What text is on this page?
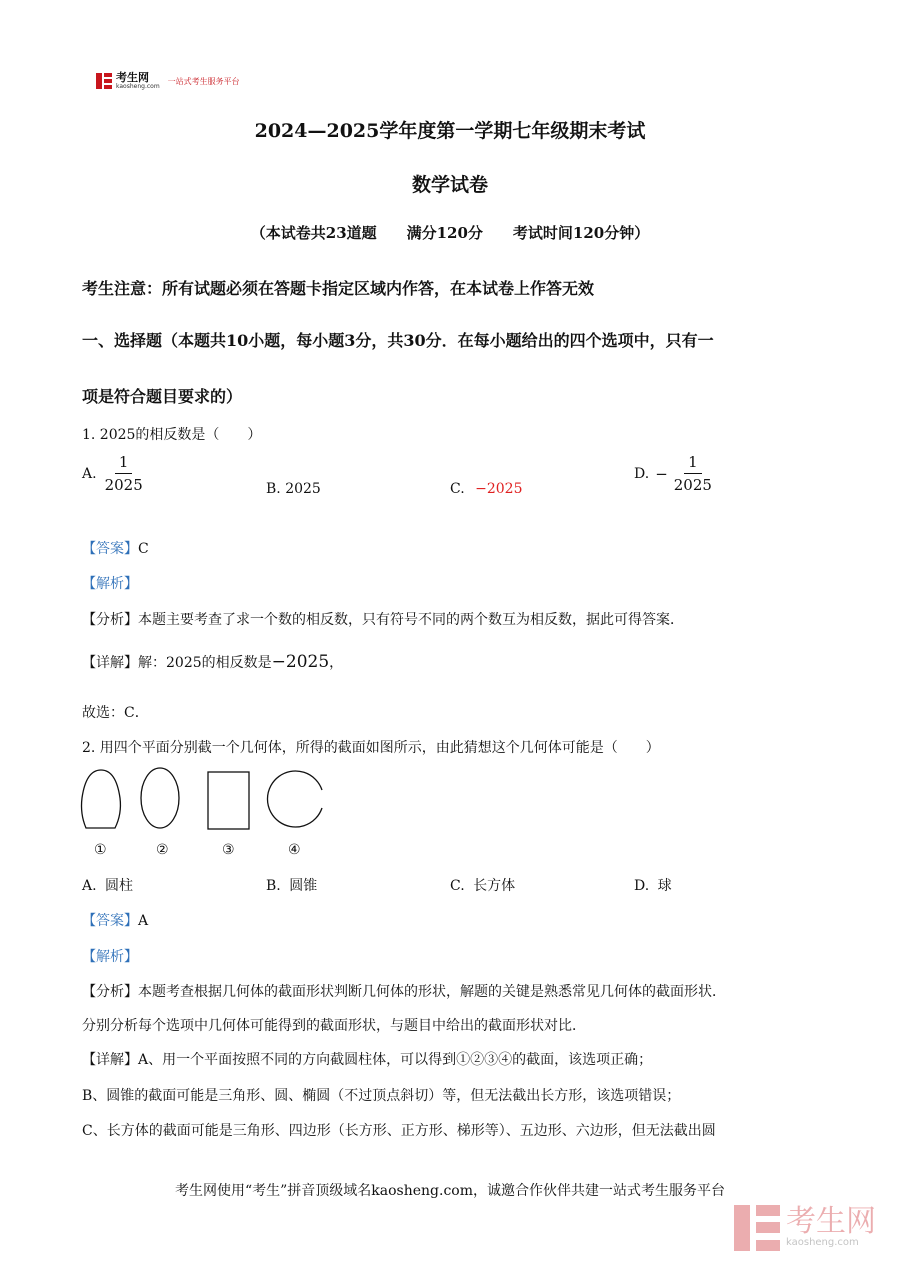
考生网
kaosheng.com
一站式考生服务平台
2024—2025学年度第一学期七年级期末考试
数学试卷
（本试卷共23道题　　满分120分　　考试时间120分钟）
考生注意：所有试题必须在答题卡指定区域内作答，在本试卷上作答无效
一、选择题（本题共10小题，每小题3分，共30分．在每小题给出的四个选项中，只有一
项是符合题目要求的）
1. 2025的相反数是（　　）
A. $\frac{1}{2025}$	B. 2025	C. −2025
D. − $\frac{1}{2025}$
【答案】C
【解析】
【分析】本题主要考查了求一个数的相反数，只有符号不同的两个数互为相反数，据此可得答案．
【详解】解：2025的相反数是−2025，
故选：C．
2. 用四个平面分别截一个几何体，所得的截面如图所示，由此猜想这个几何体可能是（　　）
①	②	③	④
A. 圆柱	B. 圆锥	C. 长方体	D. 球
【答案】A
【解析】
【分析】本题考查根据几何体的截面形状判断几何体的形状，解题的关键是熟悉常见几何体的截面形状．
分别分析每个选项中几何体可能得到的截面形状，与题目中给出的截面形状对比．
【详解】A、用一个平面按照不同的方向截圆柱体，可以得到①②③④的截面，该选项正确；
B、圆锥的截面可能是三角形、圆、椭圆（不过顶点斜切）等，但无法截出长方形，该选项错误；
C、长方体的截面可能是三角形、四边形（长方形、正方形、梯形等）、五边形、六边形，但无法截出圆
考生网使用“考生”拼音顶级域名kaosheng.com，诚邀合作伙伴共建一站式考生服务平台
考生网
kaosheng.com
